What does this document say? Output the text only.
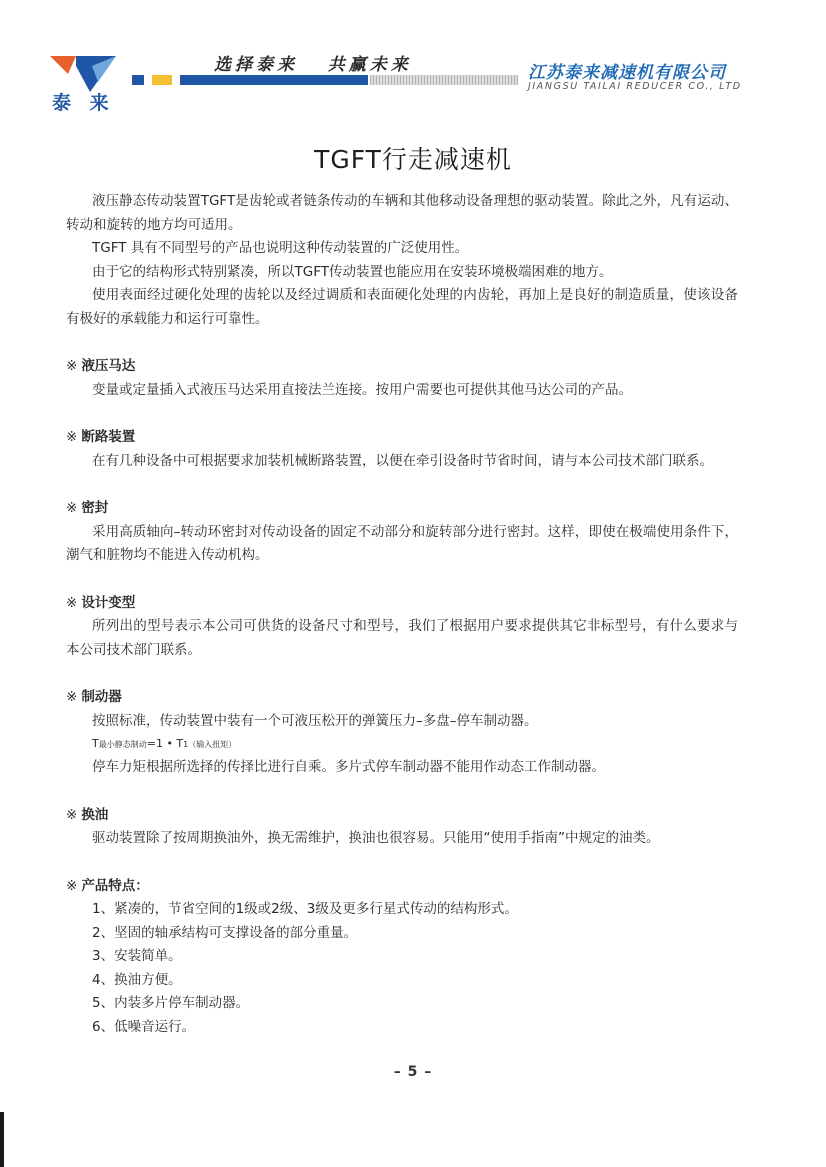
泰 来
选择泰来   共赢未来	江苏泰来减速机有限公司
JIANGSU TAILAI REDUCER CO., LTD
TGFT行走减速机

液压静态传动装置TGFT是齿轮或者链条传动的车辆和其他移动设备理想的驱动装置。除此之外，凡有运动、转动和旋转的地方均可适用。

TGFT 具有不同型号的产品也说明这种传动装置的广泛使用性。

由于它的结构形式特别紧凑，所以TGFT传动装置也能应用在安装环境极端困难的地方。

使用表面经过硬化处理的齿轮以及经过调质和表面硬化处理的内齿轮，再加上是良好的制造质量，使该设备有极好的承载能力和运行可靠性。

※ 液压马达

变量或定量插入式液压马达采用直接法兰连接。按用户需要也可提供其他马达公司的产品。

※ 断路装置

在有几种设备中可根据要求加装机械断路装置，以便在牵引设备时节省时间，请与本公司技术部门联系。

※ 密封

采用高质轴向–转动环密封对传动设备的固定不动部分和旋转部分进行密封。这样，即使在极端使用条件下，潮气和脏物均不能进入传动机构。

※ 设计变型

所列出的型号表示本公司可供货的设备尺寸和型号，我们了根据用户要求提供其它非标型号，有什么要求与本公司技术部门联系。

※ 制动器

按照标准，传动装置中装有一个可液压松开的弹簧压力–多盘–停车制动器。

T最小静态制动=1 • T1（输入扭矩）

停车力矩根据所选择的传择比进行自乘。多片式停车制动器不能用作动态工作制动器。

※ 换油

驱动装置除了按周期换油外，换无需维护，换油也很容易。只能用“使用手指南”中规定的油类。

※ 产品特点：

1、紧凑的，节省空间的1级或2级、3级及更多行星式传动的结构形式。

2、坚固的轴承结构可支撑设备的部分重量。

3、安装简单。

4、换油方便。

5、内装多片停车制动器。

6、低噪音运行。

– 5 –
